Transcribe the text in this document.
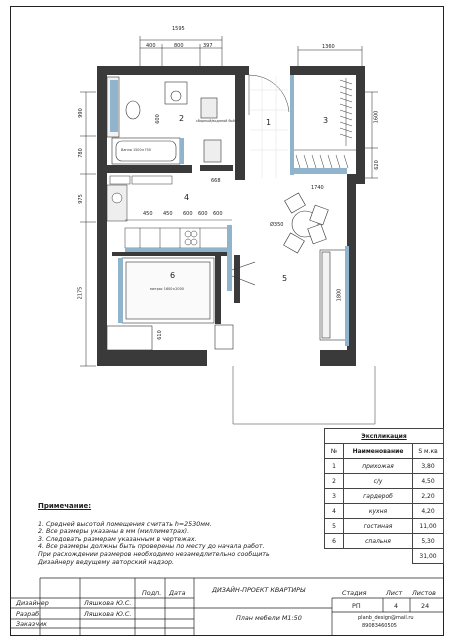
1595
400	800	397	1360
990
780
975
2175
600	1600
620
668
1740
450 450 600 600 600
Ø350
1800
610
Ванна 1500×750
сборный/водяной бойлер
матрас 1600×2000
1
2	3
4
5
6
Экспликация		
№	Наименование	S м.кв
1	прихожая	3,80
2	с/у	4,50
3	гардероб	2,20
4	кухня	4,20
5	гостиная	11,00
6	спальня	5,30
		31,00
Примечание:
1. Средней высотой помещения считать h=2530мм.
2. Все размеры указаны в мм (миллиметрах).
3. Следовать размерам указанным в чертежах.
4. Все размеры должны быть проверены по месту до начала работ.
При расхождении размеров необходимо незамедлительно сообщить
Дизайнеру ведущему авторский надзор.
Подп. Дата
Дизайнер	Ляшкова Ю.С.
Разраб.	Ляшкова Ю.С.
Заказчик
ДИЗАЙН-ПРОЕКТ КВАРТИРЫ
План мебели М1:50
Стадия	Лист Листов
РП	4	24
planb_design@mail.ru
89083460505
